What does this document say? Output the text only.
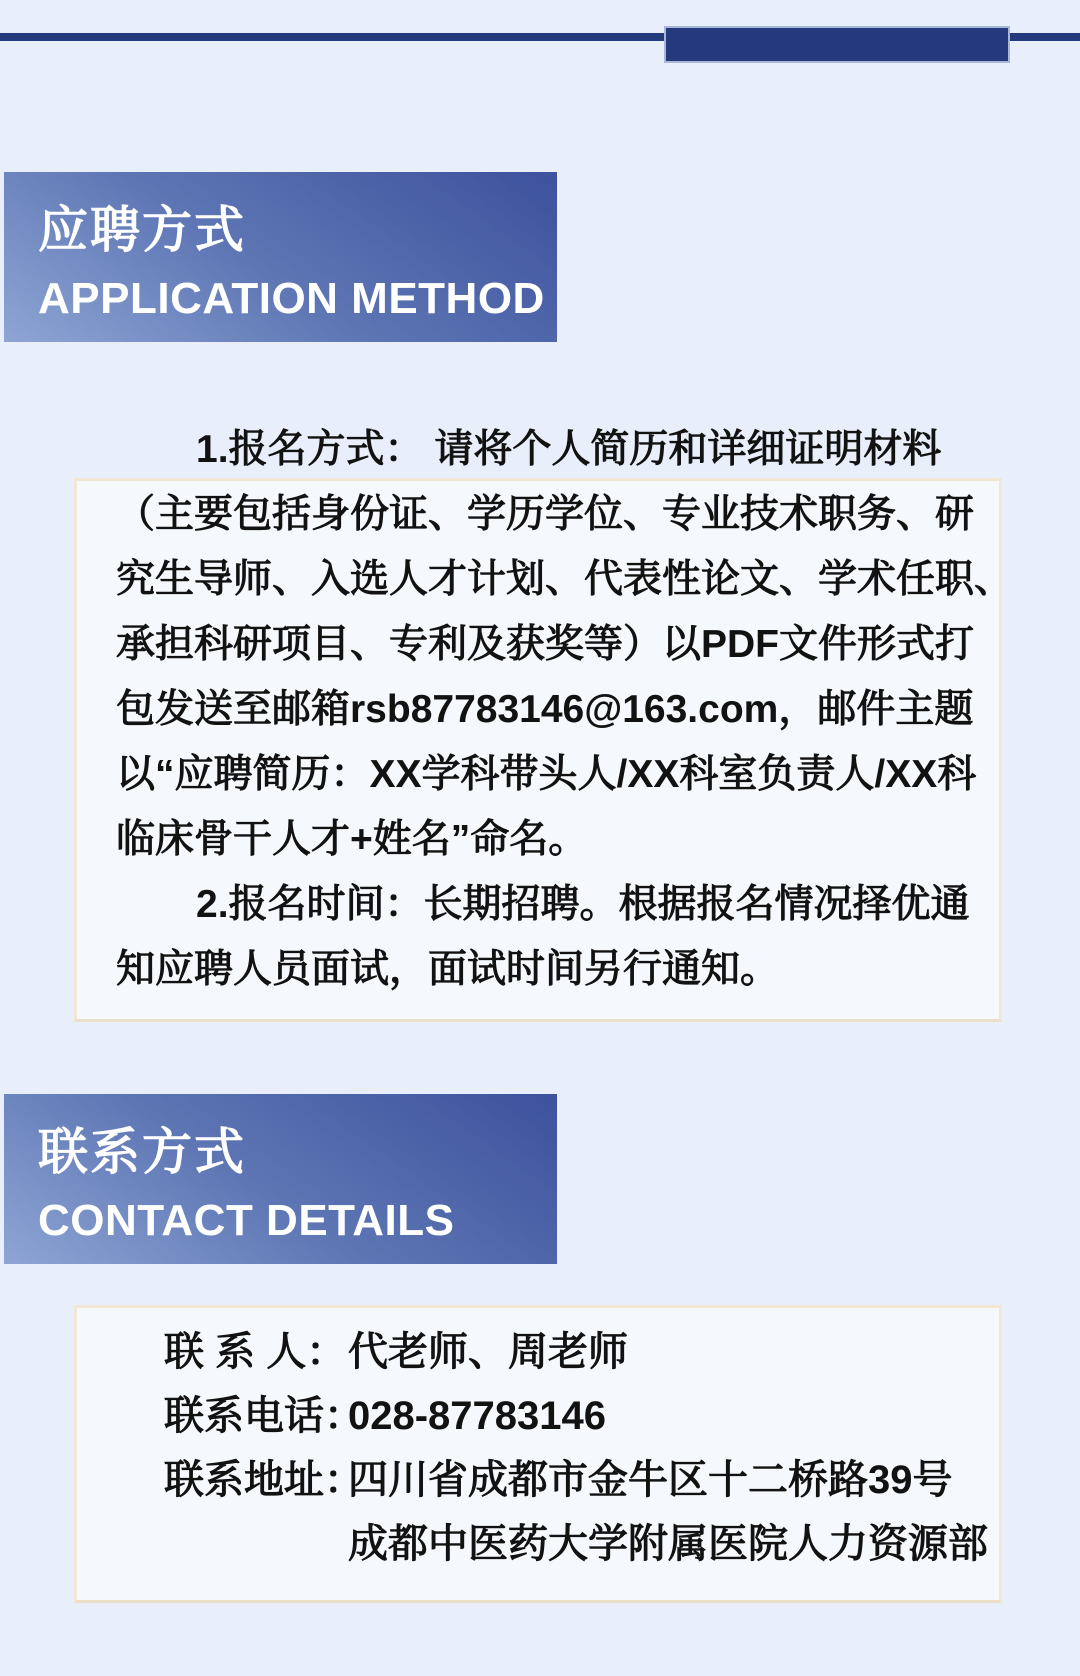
应聘方式
APPLICATION METHOD
1.报名方式： 请将个人简历和详细证明材料
（主要包括身份证、学历学位、专业技术职务、研
究生导师、入选人才计划、代表性论文、学术任职、
承担科研项目、专利及获奖等）以PDF文件形式打
包发送至邮箱rsb87783146@163.com，邮件主题
以“应聘简历：XX学科带头人/XX科室负责人/XX科
临床骨干人才+姓名”命名。
2.报名时间：长期招聘。根据报名情况择优通
知应聘人员面试，面试时间另行通知。
联系方式
CONTACT DETAILS
联 系 人：代老师、周老师
联系电话：028-87783146
联系地址：四川省成都市金牛区十二桥路39号
成都中医药大学附属医院人力资源部
